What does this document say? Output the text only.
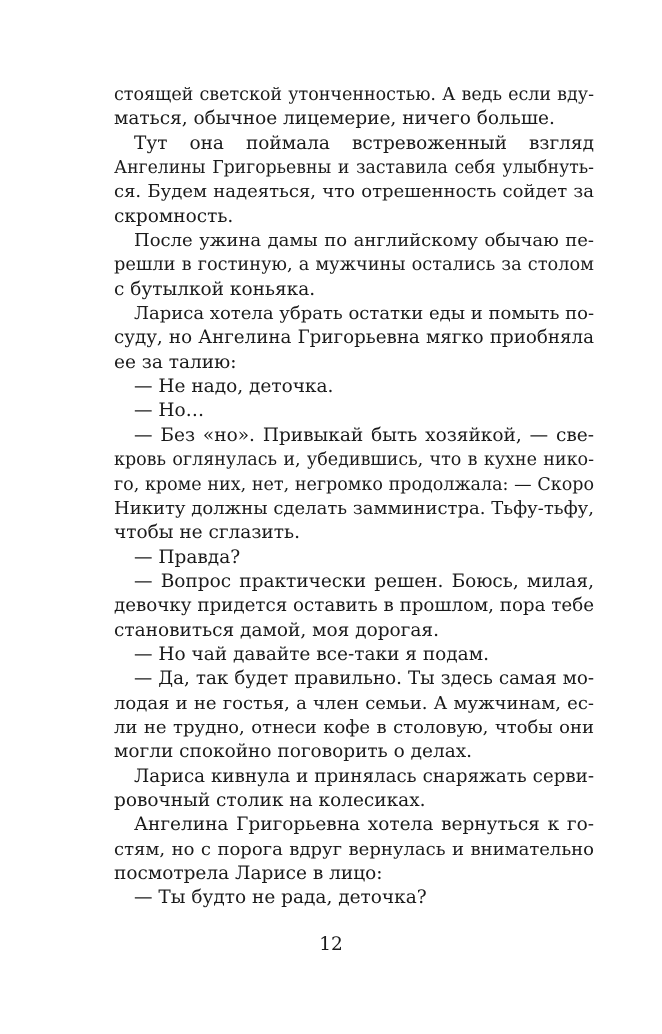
стоящей светской утонченностью. А ведь если вду-
маться, обычное лицемерие, ничего больше.
Тут она поймала встревоженный взгляд
Ангелины Григорьевны и заставила себя улыбнуть-
ся. Будем надеяться, что отрешенность сойдет за
скромность.
После ужина дамы по английскому обычаю пе-
решли в гостиную, а мужчины остались за столом
с бутылкой коньяка.
Лариса хотела убрать остатки еды и помыть по-
суду, но Ангелина Григорьевна мягко приобняла
ее за талию:
— Не надо, деточка.
— Но…
— Без «но». Привыкай быть хозяйкой, — све-
кровь оглянулась и, убедившись, что в кухне нико-
го, кроме них, нет, негромко продолжала: — Скоро
Никиту должны сделать замминистра. Тьфу-тьфу,
чтобы не сглазить.
— Правда?
— Вопрос практически решен. Боюсь, милая,
девочку придется оставить в прошлом, пора тебе
становиться дамой, моя дорогая.
— Но чай давайте все-таки я подам.
— Да, так будет правильно. Ты здесь самая мо-
лодая и не гостья, а член семьи. А мужчинам, ес-
ли не трудно, отнеси кофе в столовую, чтобы они
могли спокойно поговорить о делах.
Лариса кивнула и принялась снаряжать серви-
ровочный столик на колесиках.
Ангелина Григорьевна хотела вернуться к го-
стям, но с порога вдруг вернулась и внимательно
посмотрела Ларисе в лицо:
— Ты будто не рада, деточка?
12
